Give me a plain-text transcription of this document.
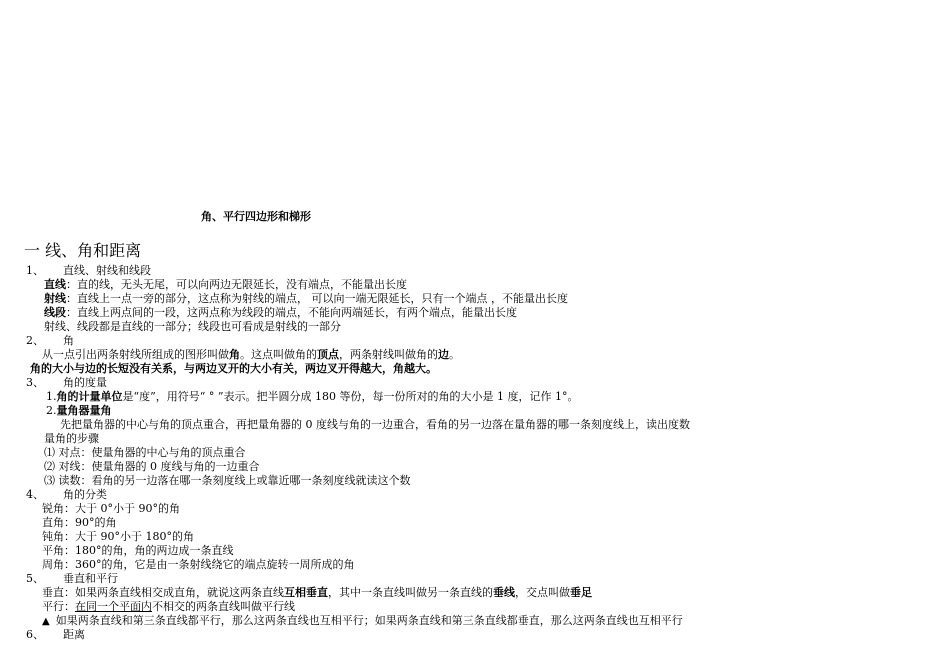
角、平行四边形和梯形
一 线、角和距离
1、 直线、射线和线段
直线：直的线，无头无尾，可以向两边无限延长，没有端点，不能量出长度
射线：直线上一点一旁的部分，这点称为射线的端点， 可以向一端无限延长，只有一个端点 ，不能量出长度
线段：直线上两点间的一段，这两点称为线段的端点，不能向两端延长，有两个端点，能量出长度
射线、线段都是直线的一部分；线段也可看成是射线的一部分
2、 角
从一点引出两条射线所组成的图形叫做角。这点叫做角的顶点，两条射线叫做角的边。
角的大小与边的长短没有关系，与两边叉开的大小有关，两边叉开得越大，角越大。
3、 角的度量
1.角的计量单位是“度”，用符号“ ° ”表示。把半圆分成 180 等份，每一份所对的角的大小是 1 度，记作 1°。
2.量角器量角
先把量角器的中心与角的顶点重合，再把量角器的 0 度线与角的一边重合，看角的另一边落在量角器的哪一条刻度线上，读出度数
量角的步骤
⑴ 对点：使量角器的中心与角的顶点重合
⑵ 对线：使量角器的 0 度线与角的一边重合
⑶ 读数：看角的另一边落在哪一条刻度线上或靠近哪一条刻度线就读这个数
4、 角的分类
锐角：大于 0°小于 90°的角
直角：90°的角
钝角：大于 90°小于 180°的角
平角：180°的角，角的两边成一条直线
周角：360°的角，它是由一条射线绕它的端点旋转一周所成的角
5、 垂直和平行
垂直：如果两条直线相交成直角，就说这两条直线互相垂直，其中一条直线叫做另一条直线的垂线，交点叫做垂足
平行：在同一个平面内不相交的两条直线叫做平行线
▲ 如果两条直线和第三条直线都平行，那么这两条直线也互相平行；如果两条直线和第三条直线都垂直，那么这两条直线也互相平行
6、 距离
